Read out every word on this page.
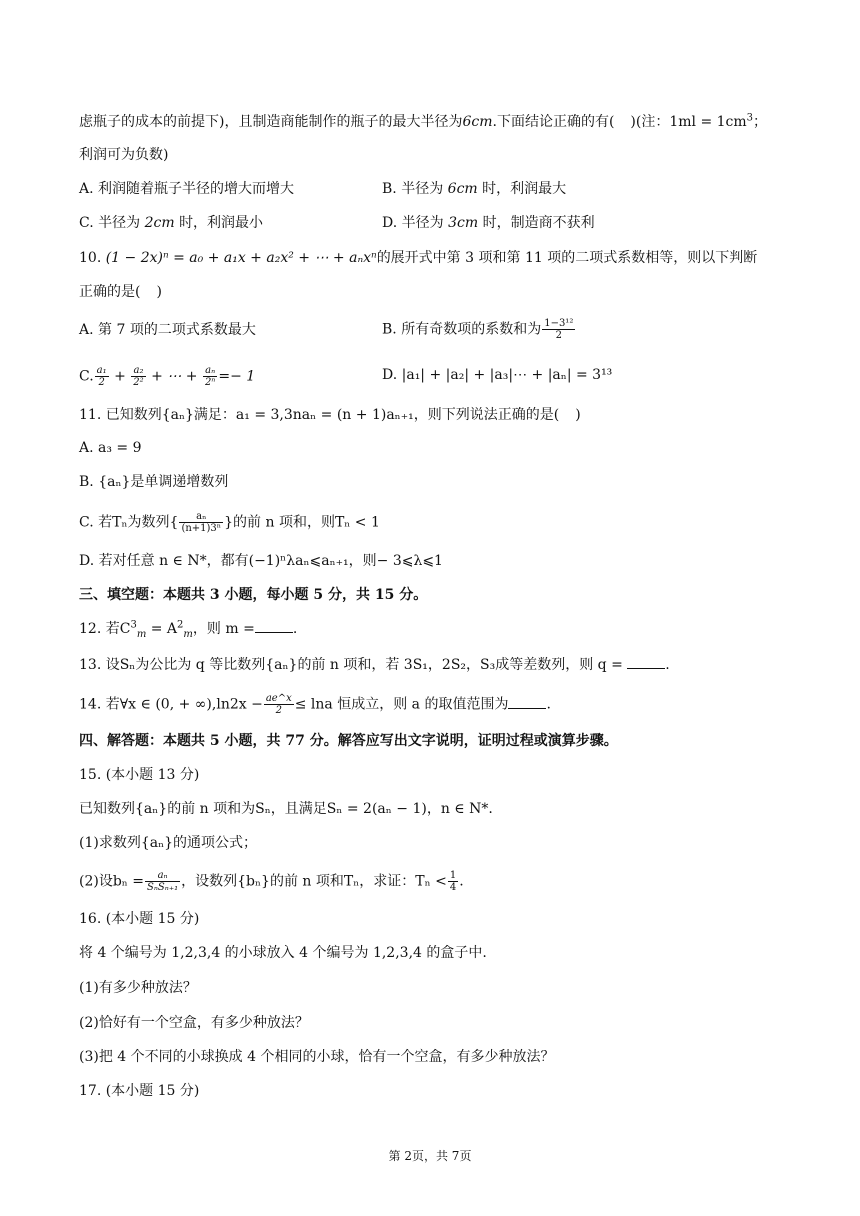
虑瓶子的成本的前提下)，且制造商能制作的瓶子的最大半径为6cm.下面结论正确的有( )(注：$1ml = 1cm^3$；
利润可为负数)
A. 利润随着瓶子半径的增大而增大	B. 半径为 6cm 时，利润最大
C. 半径为 2cm 时，利润最小	D. 半径为 3cm 时，制造商不获利
10. (1 − 2x)ⁿ = a₀ + a₁x + a₂x² + ⋯ + aₙxⁿ的展开式中第 3 项和第 11 项的二项式系数相等，则以下判断
正确的是( )
A. 第 7 项的二项式系数最大	B. 所有奇数项的系数和为 $\frac{\text{1−3¹²}}{2}$
C. $\frac{\text{a₁}}{2} + \frac{\text{a₂}}{\text{2²}}$ + ⋯ + $\frac{\text{aₙ}}{\text{2ⁿ}} =- 1$	D. |a₁| + |a₂| + |a₃|⋯ + |aₙ| = 3¹³
11. 已知数列{aₙ}满足：a₁ = 3,3naₙ = (n + 1)aₙ₊₁，则下列说法正确的是( )
A. a₃ = 9
B. {aₙ}是单调递增数列
C. 若Tₙ为数列{ $\frac{\text{aₙ}}{\text{(n+1)3ⁿ}}$ }的前 n 项和，则Tₙ < 1
D. 若对任意 n ∈ N*，都有(−1)ⁿλaₙ⩽aₙ₊₁，则− 3⩽λ⩽1
三、填空题：本题共 3 小题，每小题 5 分，共 15 分。
12. 若$C^3_m = A^2_m$，则 m =	.
13. 设Sₙ为公比为 q 等比数列{aₙ}的前 n 项和，若 3S₁，2S₂，S₃成等差数列，则 q =	.
14. 若∀x ∈ (0, + $\infty),\ln 2x - \frac{ae\^{}x}{2} \le \ln a$ 恒成立，则 a 的取值范围为	.
四、解答题：本题共 5 小题，共 77 分。解答应写出文字说明，证明过程或演算步骤。
15. (本小题 13 分)
已知数列{aₙ}的前 n 项和为Sₙ，且满足Sₙ = 2(aₙ − 1)，n ∈ N*.
(1)求数列{aₙ}的通项公式；
(2)设$b_n = \frac{\text{aₙ}}{\text{SₙSₙ₊₁}}$ ，设数列{bₙ}的前 n 项和Tₙ，求证：$T_n < \frac{1}{4}$ .
16. (本小题 15 分)
将 4 个编号为 1,2,3,4 的小球放入 4 个编号为 1,2,3,4 的盒子中.
(1)有多少种放法？
(2)恰好有一个空盒，有多少种放法？
(3)把 4 个不同的小球换成 4 个相同的小球，恰有一个空盒，有多少种放法？
17. (本小题 15 分)
第 2页，共 7页
